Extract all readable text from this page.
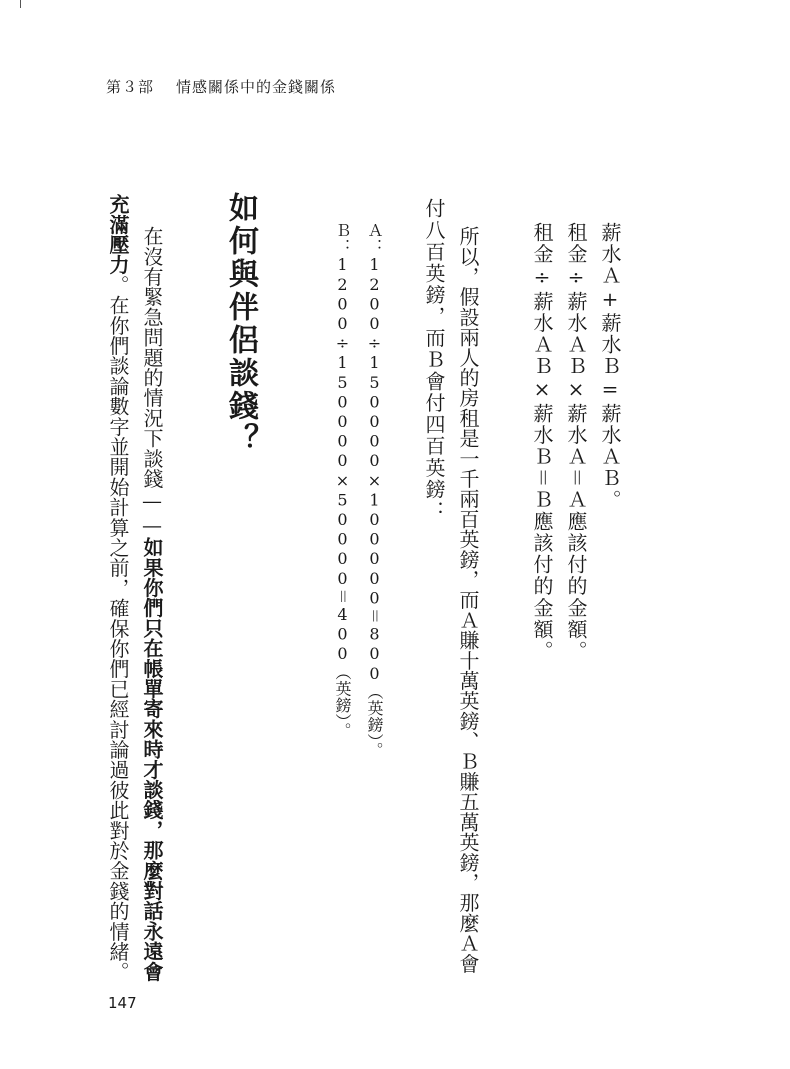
第３部 情感關係中的金錢關係
薪水Ａ+薪水Ｂ=薪水ＡＢ。
租金÷薪水ＡＢ×薪水Ａ＝Ａ應該付的金額。
租金÷薪水ＡＢ×薪水Ｂ＝Ｂ應該付的金額。
所以，假設兩人的房租是一千兩百英鎊，而Ａ賺十萬英鎊、Ｂ賺五萬英鎊，那麼Ａ會
付八百英鎊，而Ｂ會付四百英鎊：
Ａ：1200÷150000×100000＝800（英鎊）。
Ｂ：1200÷150000×50000＝400（英鎊）。
如何與伴侶談錢？
在沒有緊急問題的情況下談錢——如果你們只在帳單寄來時才談錢，那麼對話永遠會
充滿壓力。在你們談論數字並開始計算之前，確保你們已經討論過彼此對於金錢的情緒。
147
